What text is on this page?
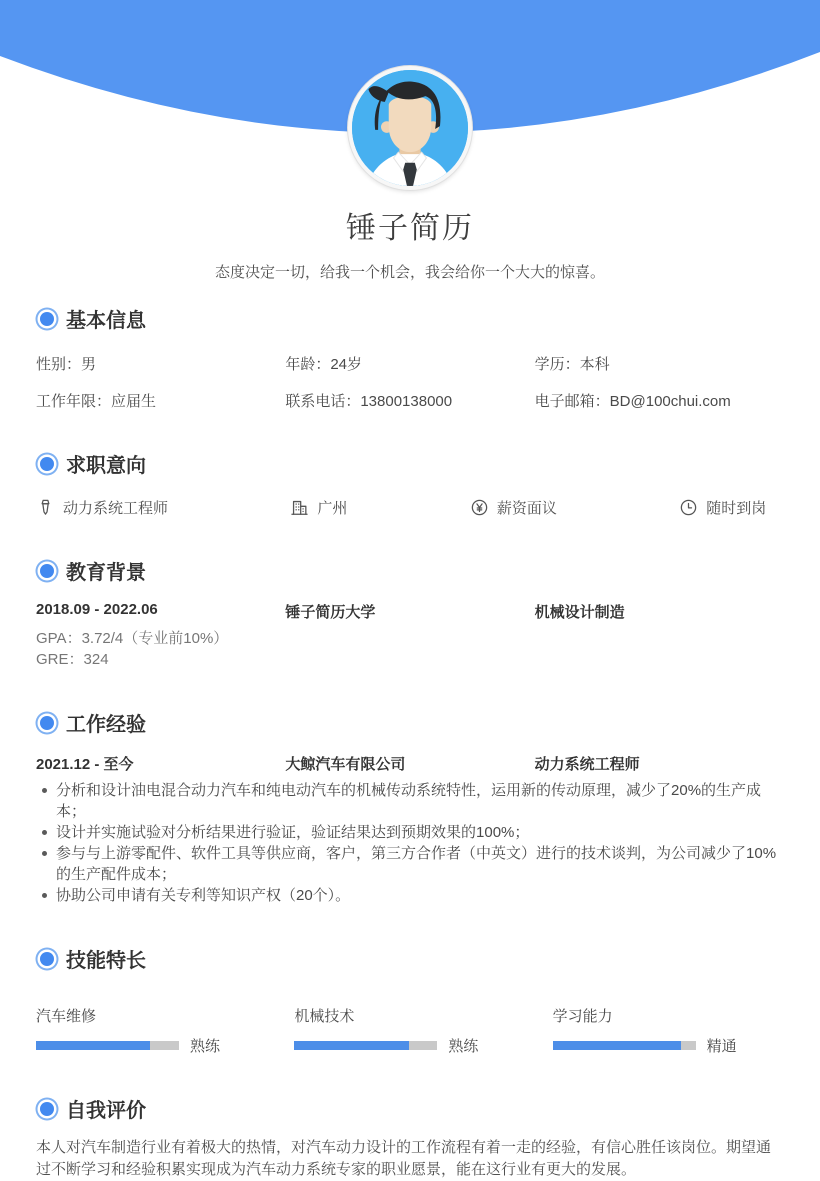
锤子简历
态度决定一切，给我一个机会，我会给你一个大大的惊喜。
基本信息
性别：男	年龄：24岁	学历：本科
工作年限：应届生	联系电话：13800138000	电子邮箱：BD@100chui.com
求职意向
动力系统工程师	广州	薪资面议	随时到岗
教育背景
2018.09 - 2022.06	锤子简历大学	机械设计制造
GPA：3.72/4（专业前10%）
GRE：324
工作经验
2021.12 - 至今	大鲸汽车有限公司	动力系统工程师
分析和设计油电混合动力汽车和纯电动汽车的机械传动系统特性，运用新的传动原理，减少了20%的生产成本；
设计并实施试验对分析结果进行验证，验证结果达到预期效果的100%；
参与与上游零配件、软件工具等供应商，客户，第三方合作者（中英文）进行的技术谈判，为公司减少了10%的生产配件成本；
协助公司申请有关专利等知识产权（20个）。
技能特长
汽车维修
熟练
机械技术
熟练
学习能力
精通
自我评价

本人对汽车制造行业有着极大的热情，对汽车动力设计的工作流程有着一走的经验，有信心胜任该岗位。期望通过不断学习和经验积累实现成为汽车动力系统专家的职业愿景，能在这行业有更大的发展。
